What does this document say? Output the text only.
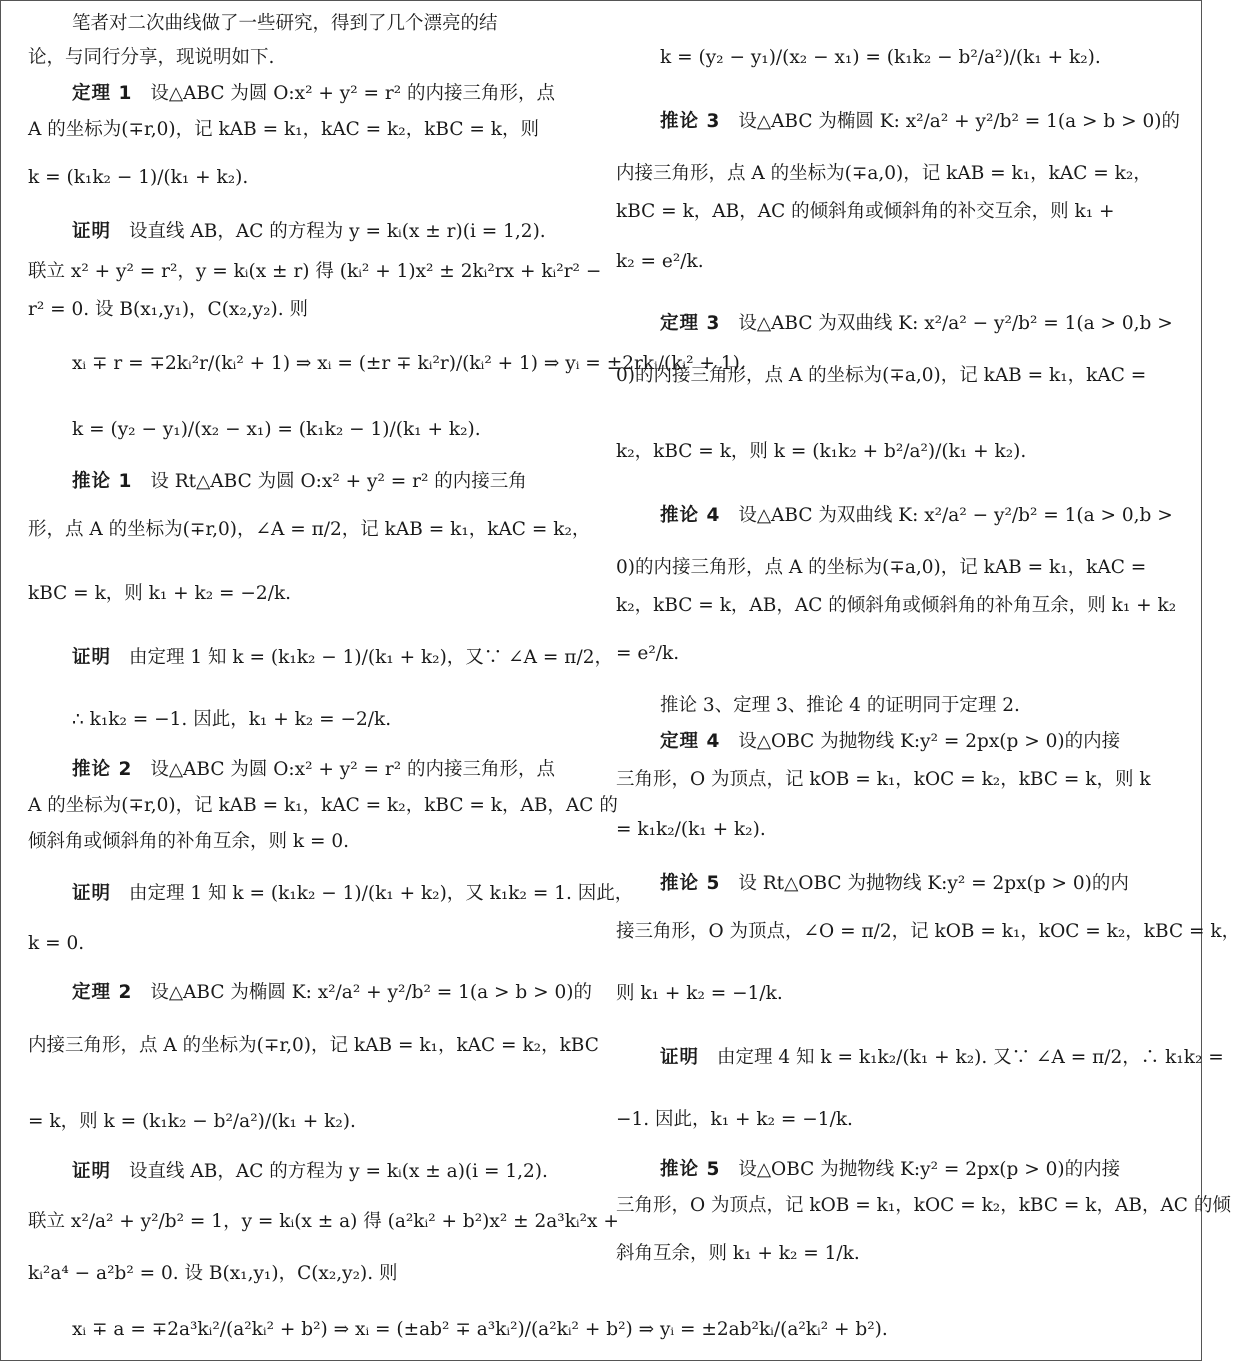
笔者对二次曲线做了一些研究，得到了几个漂亮的结
论，与同行分享，现说明如下.
定理 1 设△ABC 为圆 O:x² + y² = r² 的内接三角形，点
A 的坐标为(∓r,0)，记 kAB = k₁，kAC = k₂，kBC = k，则
k = (k₁k₂ − 1)/(k₁ + k₂).
证明 设直线 AB，AC 的方程为 y = kᵢ(x ± r)(i = 1,2).
联立 x² + y² = r²，y = kᵢ(x ± r) 得 (kᵢ² + 1)x² ± 2kᵢ²rx + kᵢ²r² −
r² = 0. 设 B(x₁,y₁)，C(x₂,y₂). 则
xᵢ ∓ r = ∓2kᵢ²r/(kᵢ² + 1) ⇒ xᵢ = (±r ∓ kᵢ²r)/(kᵢ² + 1) ⇒ yᵢ = ±2rkᵢ/(kᵢ² + 1).
k = (y₂ − y₁)/(x₂ − x₁) = (k₁k₂ − 1)/(k₁ + k₂).
推论 1 设 Rt△ABC 为圆 O:x² + y² = r² 的内接三角
形，点 A 的坐标为(∓r,0)，∠A = π/2，记 kAB = k₁，kAC = k₂，
kBC = k，则 k₁ + k₂ = −2/k.
证明 由定理 1 知 k = (k₁k₂ − 1)/(k₁ + k₂)，又∵ ∠A = π/2，
∴ k₁k₂ = −1. 因此，k₁ + k₂ = −2/k.
推论 2 设△ABC 为圆 O:x² + y² = r² 的内接三角形，点
A 的坐标为(∓r,0)，记 kAB = k₁，kAC = k₂，kBC = k，AB，AC 的
倾斜角或倾斜角的补角互余，则 k = 0.
证明 由定理 1 知 k = (k₁k₂ − 1)/(k₁ + k₂)，又 k₁k₂ = 1. 因此，
k = 0.
定理 2 设△ABC 为椭圆 K: x²/a² + y²/b² = 1(a > b > 0)的
内接三角形，点 A 的坐标为(∓r,0)，记 kAB = k₁，kAC = k₂，kBC
= k，则 k = (k₁k₂ − b²/a²)/(k₁ + k₂).
证明 设直线 AB，AC 的方程为 y = kᵢ(x ± a)(i = 1,2).
联立 x²/a² + y²/b² = 1，y = kᵢ(x ± a) 得 (a²kᵢ² + b²)x² ± 2a³kᵢ²x +
kᵢ²a⁴ − a²b² = 0. 设 B(x₁,y₁)，C(x₂,y₂). 则
xᵢ ∓ a = ∓2a³kᵢ²/(a²kᵢ² + b²) ⇒ xᵢ = (±ab² ∓ a³kᵢ²)/(a²kᵢ² + b²) ⇒ yᵢ = ±2ab²kᵢ/(a²kᵢ² + b²).
k = (y₂ − y₁)/(x₂ − x₁) = (k₁k₂ − b²/a²)/(k₁ + k₂).
推论 3 设△ABC 为椭圆 K: x²/a² + y²/b² = 1(a > b > 0)的
内接三角形，点 A 的坐标为(∓a,0)，记 kAB = k₁，kAC = k₂，
kBC = k，AB，AC 的倾斜角或倾斜角的补交互余，则 k₁ +
k₂ = e²/k.
定理 3 设△ABC 为双曲线 K: x²/a² − y²/b² = 1(a > 0,b >
0)的内接三角形，点 A 的坐标为(∓a,0)，记 kAB = k₁，kAC =
k₂，kBC = k，则 k = (k₁k₂ + b²/a²)/(k₁ + k₂).
推论 4 设△ABC 为双曲线 K: x²/a² − y²/b² = 1(a > 0,b >
0)的内接三角形，点 A 的坐标为(∓a,0)，记 kAB = k₁，kAC =
k₂，kBC = k，AB，AC 的倾斜角或倾斜角的补角互余，则 k₁ + k₂
= e²/k.
推论 3、定理 3、推论 4 的证明同于定理 2.
定理 4 设△OBC 为抛物线 K:y² = 2px(p > 0)的内接
三角形，O 为顶点，记 kOB = k₁，kOC = k₂，kBC = k，则 k
= k₁k₂/(k₁ + k₂).
推论 5 设 Rt△OBC 为抛物线 K:y² = 2px(p > 0)的内
接三角形，O 为顶点，∠O = π/2，记 kOB = k₁，kOC = k₂，kBC = k，
则 k₁ + k₂ = −1/k.
证明 由定理 4 知 k = k₁k₂/(k₁ + k₂). 又∵ ∠A = π/2，∴ k₁k₂ =
−1. 因此，k₁ + k₂ = −1/k.
推论 5 设△OBC 为抛物线 K:y² = 2px(p > 0)的内接
三角形，O 为顶点，记 kOB = k₁，kOC = k₂，kBC = k，AB，AC 的倾
斜角互余，则 k₁ + k₂ = 1/k.
